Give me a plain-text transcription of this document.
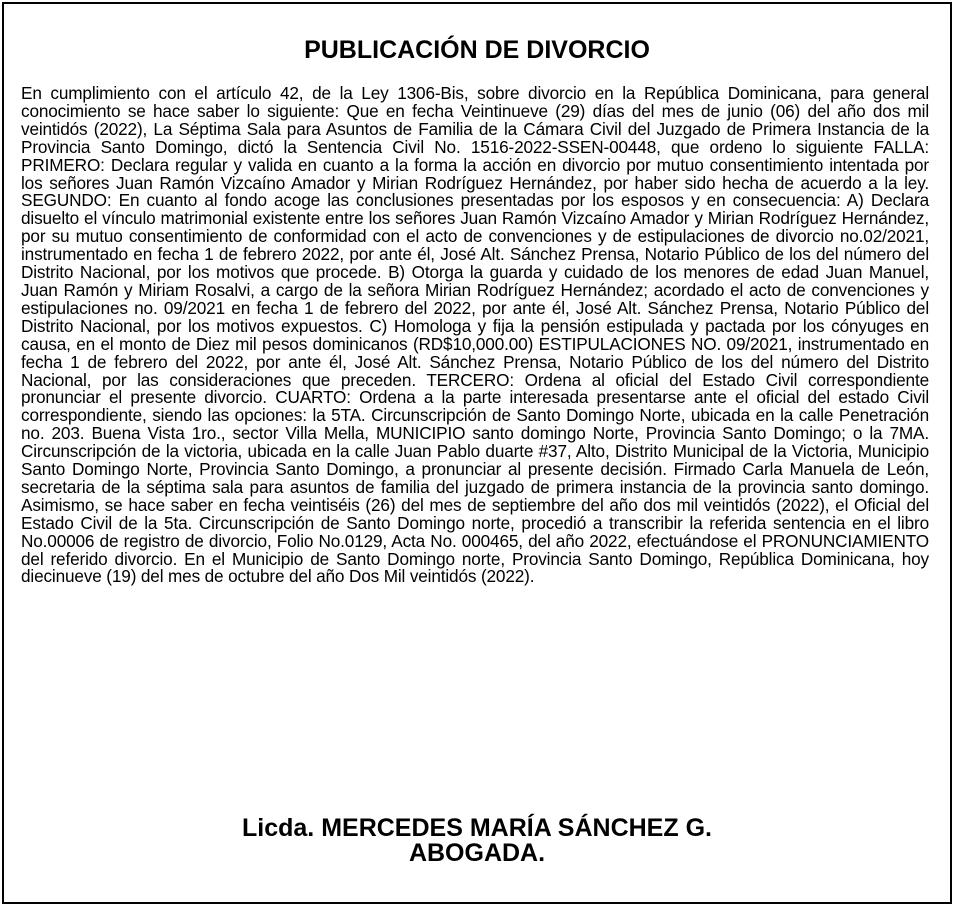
PUBLICACIÓN DE DIVORCIO

En cumplimiento con el artículo 42, de la Ley 1306-Bis, sobre divorcio en la República Dominicana, para general conocimiento se hace saber lo siguiente: Que en fecha Veintinueve (29) días del mes de junio (06) del año dos mil veintidós (2022), La Séptima Sala para Asuntos de Familia de la Cámara Civil del Juzgado de Primera Instancia de la Provincia Santo Domingo, dictó la Sentencia Civil No. 1516-2022-SSEN-00448, que ordeno lo siguiente FALLA: PRIMERO: Declara regular y valida en cuanto a la forma la acción en divorcio por mutuo consentimiento intentada por los señores Juan Ramón Vizcaíno Amador y Mirian Rodríguez Hernández, por haber sido hecha de acuerdo a la ley. SEGUNDO: En cuanto al fondo acoge las conclusiones presentadas por los esposos y en consecuencia: A) Declara disuelto el vínculo matrimonial existente entre los señores Juan Ramón Vizcaíno Amador y Mirian Rodríguez Hernández, por su mutuo consentimiento de conformidad con el acto de convenciones y de estipulaciones de divorcio no.02/2021, instrumentado en fecha 1 de febrero 2022, por ante él, José Alt. Sánchez Prensa, Notario Público de los del número del Distrito Nacional, por los motivos que procede. B) Otorga la guarda y cuidado de los menores de edad Juan Manuel, Juan Ramón y Miriam Rosalvi, a cargo de la señora Mirian Rodríguez Hernández; acordado el acto de convenciones y estipulaciones no. 09/2021 en fecha 1 de febrero del 2022, por ante él, José Alt. Sánchez Prensa, Notario Público del Distrito Nacional, por los motivos expuestos. C) Homologa y fija la pensión estipulada y pactada por los cónyuges en causa, en el monto de Diez mil pesos dominicanos (RD$10,000.00) ESTIPULACIONES NO. 09/2021, instrumentado en fecha 1 de febrero del 2022, por ante él, José Alt. Sánchez Prensa, Notario Público de los del número del Distrito Nacional, por las consideraciones que preceden. TERCERO: Ordena al oficial del Estado Civil correspondiente pronunciar el presente divorcio. CUARTO: Ordena a la parte interesada presentarse ante el oficial del estado Civil correspondiente, siendo las opciones: la 5TA. Circunscripción de Santo Domingo Norte, ubicada en la calle Penetración no. 203. Buena Vista 1ro., sector Villa Mella, MUNICIPIO santo domingo Norte, Provincia Santo Domingo; o la 7MA. Circunscripción de la victoria, ubicada en la calle Juan Pablo duarte #37, Alto, Distrito Municipal de la Victoria, Municipio Santo Domingo Norte, Provincia Santo Domingo, a pronunciar al presente decisión. Firmado Carla Manuela de León, secretaria de la séptima sala para asuntos de familia del juzgado de primera instancia de la provincia santo domingo. Asimismo, se hace saber en fecha veintiséis (26) del mes de septiembre del año dos mil veintidós (2022), el Oficial del Estado Civil de la 5ta. Circunscripción de Santo Domingo norte, procedió a transcribir la referida sentencia en el libro No.00006 de registro de divorcio, Folio No.0129, Acta No. 000465, del año 2022, efectuándose el PRONUNCIAMIENTO del referido divorcio. En el Municipio de Santo Domingo norte, Provincia Santo Domingo, República Dominicana, hoy diecinueve (19) del mes de octubre del año Dos Mil veintidós (2022).

Licda. MERCEDES MARÍA SÁNCHEZ G.
ABOGADA.
